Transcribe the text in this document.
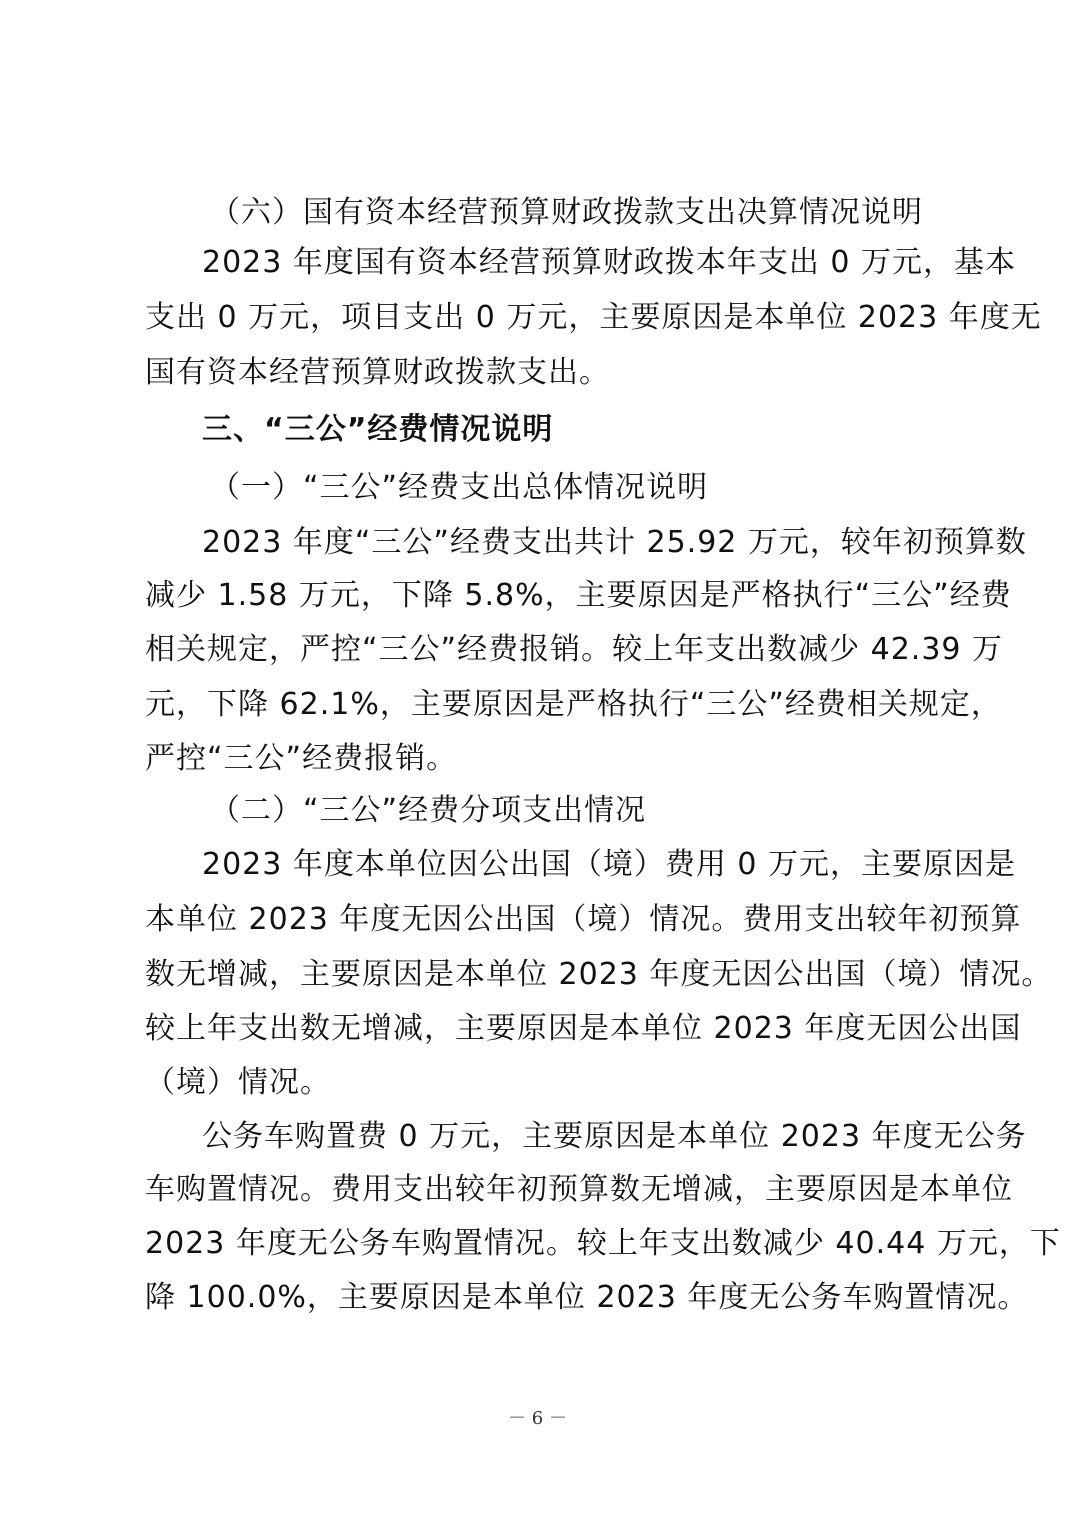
（六）国有资本经营预算财政拨款支出决算情况说明
2023 年度国有资本经营预算财政拨本年支出 0 万元，基本
支出 0 万元，项目支出 0 万元，主要原因是本单位 2023 年度无
国有资本经营预算财政拨款支出。
三、“三公”经费情况说明
（一）“三公”经费支出总体情况说明
2023 年度“三公”经费支出共计 25.92 万元，较年初预算数
减少 1.58 万元，下降 5.8%，主要原因是严格执行“三公”经费
相关规定，严控“三公”经费报销。较上年支出数减少 42.39 万
元，下降 62.1%，主要原因是严格执行“三公”经费相关规定，
严控“三公”经费报销。
（二）“三公”经费分项支出情况
2023 年度本单位因公出国（境）费用 0 万元，主要原因是
本单位 2023 年度无因公出国（境）情况。费用支出较年初预算
数无增减，主要原因是本单位 2023 年度无因公出国（境）情况。
较上年支出数无增减，主要原因是本单位 2023 年度无因公出国
（境）情况。
公务车购置费 0 万元，主要原因是本单位 2023 年度无公务
车购置情况。费用支出较年初预算数无增减，主要原因是本单位
2023 年度无公务车购置情况。较上年支出数减少 40.44 万元，下
降 100.0%，主要原因是本单位 2023 年度无公务车购置情况。
－ 6 －
